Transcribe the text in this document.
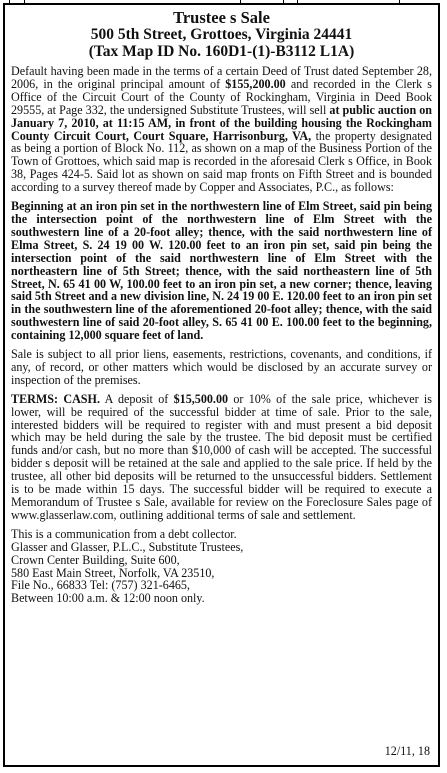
Trustee s Sale
500 5th Street, Grottoes, Virginia 24441
(Tax Map ID No. 160D1-(1)-B3112 L1A)

Default having been made in the terms of a certain Deed of Trust dated September 28, 2006, in the original principal amount of $155,200.00 and recorded in the Clerk s Office of the Circuit Court of the County of Rockingham, Virginia in Deed Book 29555, at Page 332, the undersigned Substitute Trustees, will sell at public auction on January 7, 2010, at 11:15 AM, in front of the building housing the Rockingham County Circuit Court, Court Square, Harrisonburg, VA, the property designated as being a portion of Block No. 112, as shown on a map of the Business Portion of the Town of Grottoes, which said map is recorded in the aforesaid Clerk s Office, in Book 38, Pages 424-5. Said lot as shown on said map fronts on Fifth Street and is bounded according to a survey thereof made by Copper and Associates, P.C., as follows:

Beginning at an iron pin set in the northwestern line of Elm Street, said pin being the intersection point of the northwestern line of Elm Street with the southwestern line of a 20-foot alley; thence, with the said northwestern line of Elma Street, S. 24 19 00 W. 120.00 feet to an iron pin set, said pin being the intersection point of the said northwestern line of Elm Street with the northeastern line of 5th Street; thence, with the said northeastern line of 5th Street, N. 65 41 00 W, 100.00 feet to an iron pin set, a new corner; thence, leaving said 5th Street and a new division line, N. 24 19 00 E. 120.00 feet to an iron pin set in the southwestern line of the aforementioned 20-foot alley; thence, with the said southwestern line of said 20-foot alley, S. 65 41 00 E. 100.00 feet to the beginning, containing 12,000 square feet of land.

Sale is subject to all prior liens, easements, restrictions, covenants, and conditions, if any, of record, or other matters which would be disclosed by an accurate survey or inspection of the premises.

TERMS: CASH. A deposit of $15,500.00 or 10% of the sale price, whichever is lower, will be required of the successful bidder at time of sale. Prior to the sale, interested bidders will be required to register with and must present a bid deposit which may be held during the sale by the trustee. The bid deposit must be certified funds and/or cash, but no more than $10,000 of cash will be accepted. The successful bidder s deposit will be retained at the sale and applied to the sale price. If held by the trustee, all other bid deposits will be returned to the unsuccessful bidders. Settlement is to be made within 15 days. The successful bidder will be required to execute a Memorandum of Trustee s Sale, available for review on the Foreclosure Sales page of www.glasserlaw.com, outlining additional terms of sale and settlement.

This is a communication from a debt collector.

Glasser and Glasser, P.L.C., Substitute Trustees,

Crown Center Building, Suite 600,

580 East Main Street, Norfolk, VA 23510,

File No., 66833 Tel: (757) 321-6465,

Between 10:00 a.m. & 12:00 noon only.

12/11, 18
